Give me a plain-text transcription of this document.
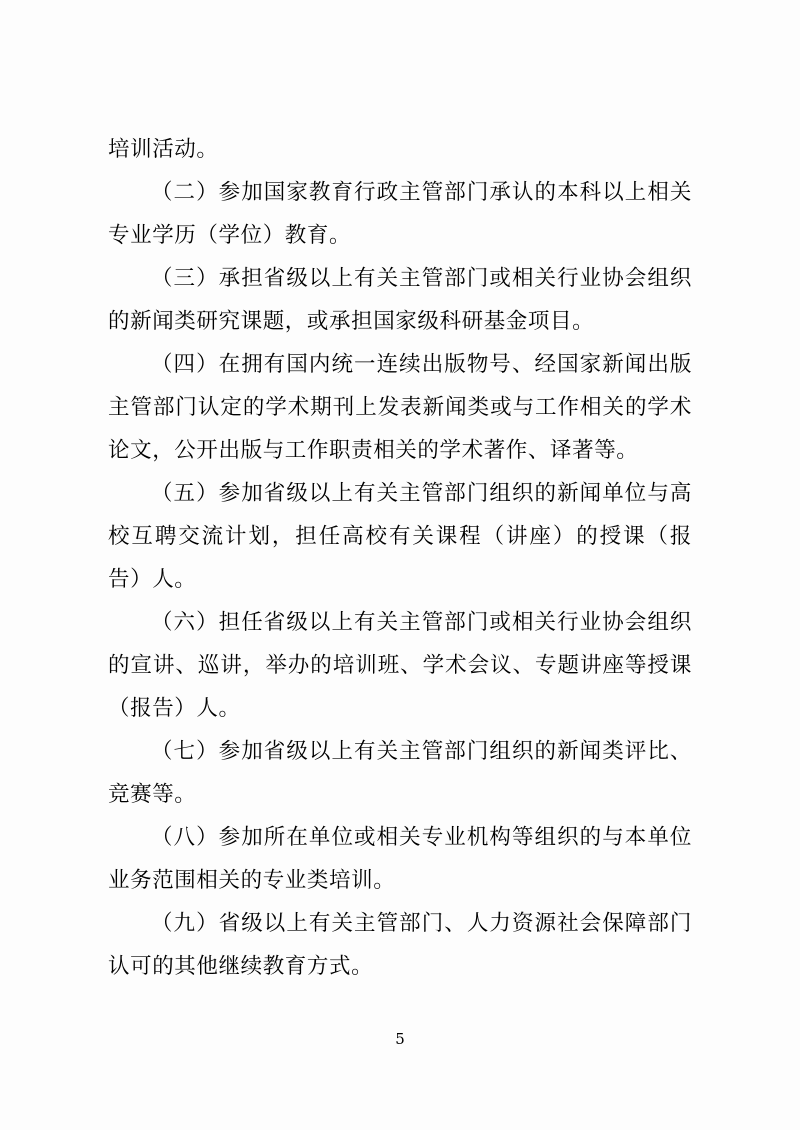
培训活动。

（二）参加国家教育行政主管部门承认的本科以上相关专业学历（学位）教育。

（三）承担省级以上有关主管部门或相关行业协会组织的新闻类研究课题，或承担国家级科研基金项目。

（四）在拥有国内统一连续出版物号、经国家新闻出版主管部门认定的学术期刊上发表新闻类或与工作相关的学术论文，公开出版与工作职责相关的学术著作、译著等。

（五）参加省级以上有关主管部门组织的新闻单位与高校互聘交流计划，担任高校有关课程（讲座）的授课（报告）人。

（六）担任省级以上有关主管部门或相关行业协会组织的宣讲、巡讲，举办的培训班、学术会议、专题讲座等授课（报告）人。

（七）参加省级以上有关主管部门组织的新闻类评比、竞赛等。

（八）参加所在单位或相关专业机构等组织的与本单位业务范围相关的专业类培训。

（九）省级以上有关主管部门、人力资源社会保障部门认可的其他继续教育方式。

5
